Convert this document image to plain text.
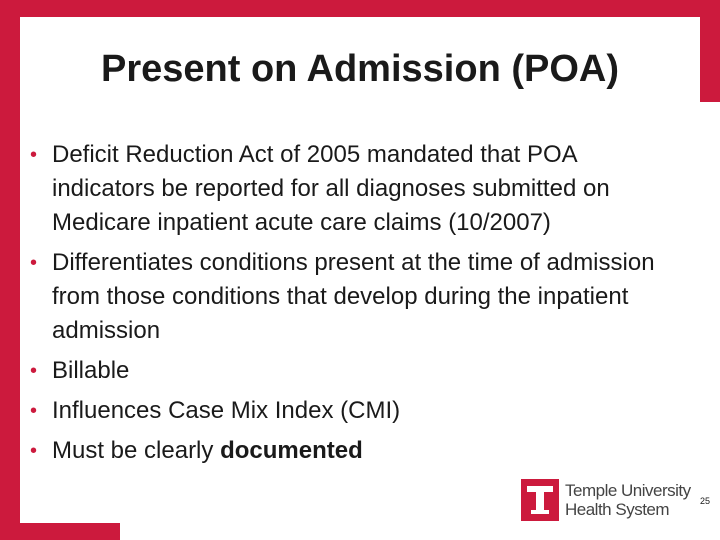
Present on Admission (POA)
• Deficit Reduction Act of 2005 mandated that POA indicators be reported for all diagnoses submitted on Medicare inpatient acute care claims (10/2007)
• Differentiates conditions present at the time of admission from those conditions that develop during the inpatient admission
• Billable
• Influences Case Mix Index (CMI)
• Must be clearly documented
Temple University
Health System	25
